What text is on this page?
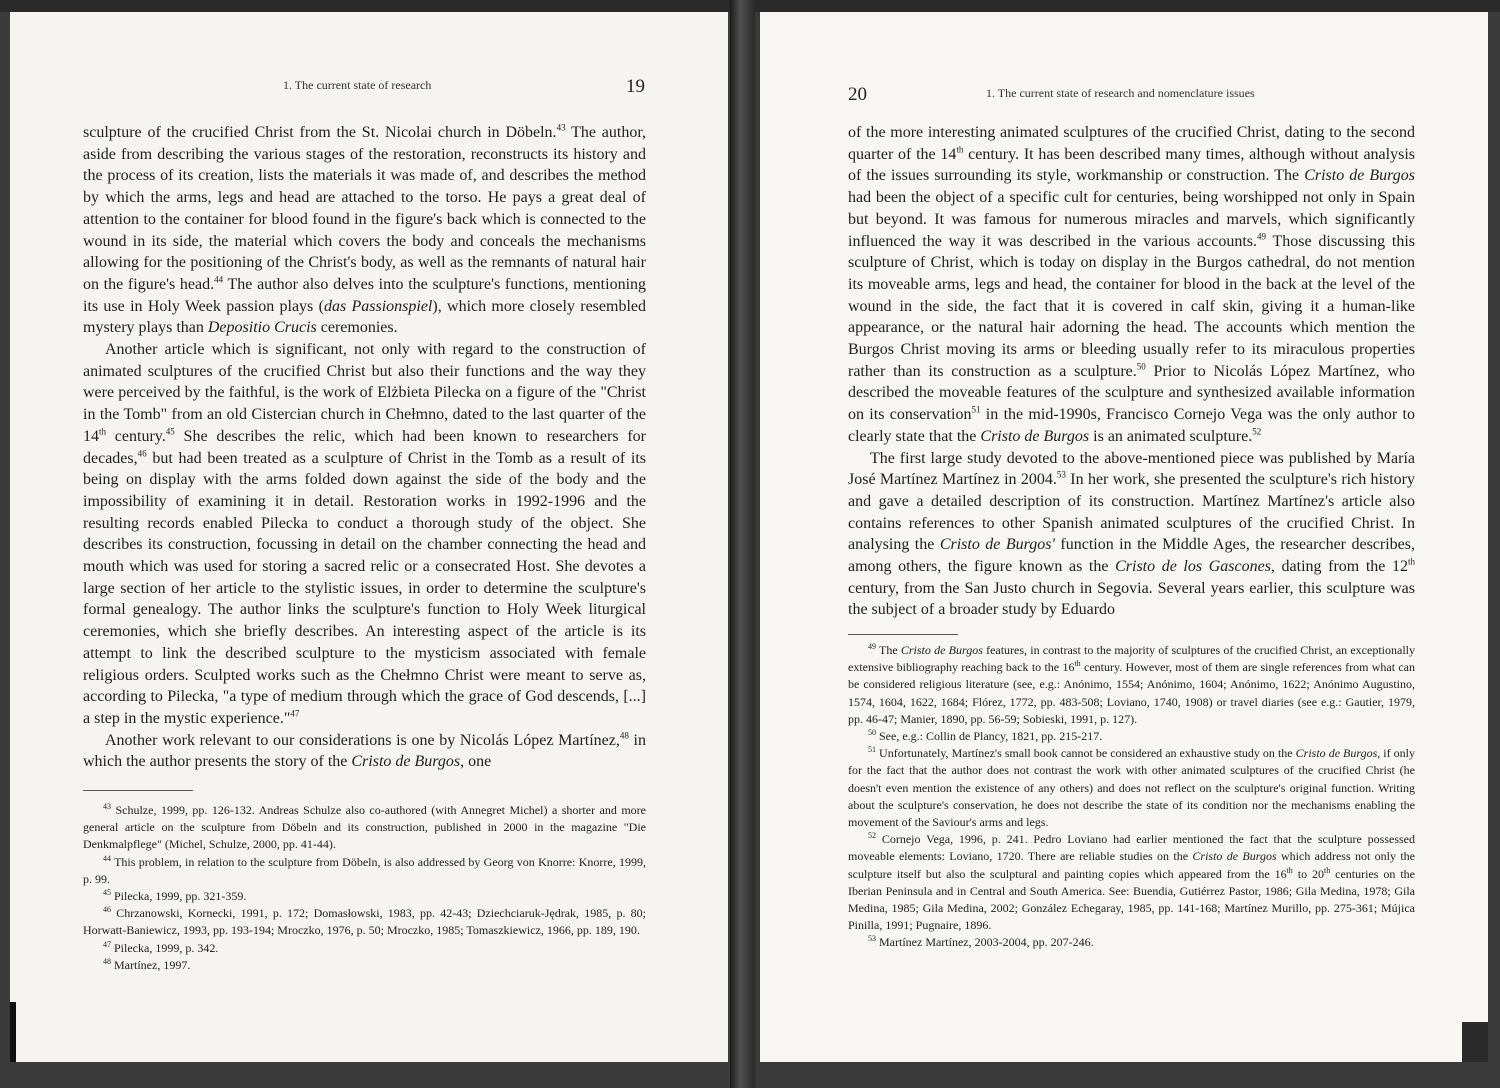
1. The current state of research	19

sculpture of the crucified Christ from the St. Nicolai church in Döbeln.$^{43}$ The author, aside from describing the various stages of the restoration, reconstructs its history and the process of its creation, lists the materials it was made of, and describes the method by which the arms, legs and head are attached to the torso. He pays a great deal of attention to the container for blood found in the figure's back which is connected to the wound in its side, the material which covers the body and conceals the mechanisms allowing for the positioning of the Christ's body, as well as the remnants of natural hair on the figure's head.$^{44}$ The author also delves into the sculpture's functions, mentioning its use in Holy Week passion plays (das Passionspiel), which more closely resembled mystery plays than Depositio Crucis ceremonies.

Another article which is significant, not only with regard to the construction of animated sculptures of the crucified Christ but also their functions and the way they were perceived by the faithful, is the work of Elżbieta Pilecka on a figure of the "Christ in the Tomb" from an old Cistercian church in Chełmno, dated to the last quarter of the 14th century.$^{45}$ She describes the relic, which had been known to researchers for decades,$^{46}$ but had been treated as a sculpture of Christ in the Tomb as a result of its being on display with the arms folded down against the side of the body and the impossibility of examining it in detail. Restoration works in 1992-1996 and the resulting records enabled Pilecka to conduct a thorough study of the object. She describes its construction, focussing in detail on the chamber connecting the head and mouth which was used for storing a sacred relic or a consecrated Host. She devotes a large section of her article to the stylistic issues, in order to determine the sculpture's formal genealogy. The author links the sculpture's function to Holy Week liturgical ceremonies, which she briefly describes. An interesting aspect of the article is its attempt to link the described sculpture to the mysticism associated with female religious orders. Sculpted works such as the Chełmno Christ were meant to serve as, according to Pilecka, "a type of medium through which the grace of God descends, [...] a step in the mystic experience."$^{47}$

Another work relevant to our considerations is one by Nicolás López Martínez,$^{48}$ in which the author presents the story of the Cristo de Burgos, one

$^{43}$ Schulze, 1999, pp. 126-132. Andreas Schulze also co-authored (with Annegret Michel) a shorter and more general article on the sculpture from Döbeln and its construction, published in 2000 in the magazine "Die Denkmalpflege" (Michel, Schulze, 2000, pp. 41-44).

$^{44}$ This problem, in relation to the sculpture from Döbeln, is also addressed by Georg von Knorre: Knorre, 1999, p. 99.

$^{45}$ Pilecka, 1999, pp. 321-359.

$^{46}$ Chrzanowski, Kornecki, 1991, p. 172; Domasłowski, 1983, pp. 42-43; Dziechciaruk-Jędrak, 1985, p. 80; Horwatt-Baniewicz, 1993, pp. 193-194; Mroczko, 1976, p. 50; Mroczko, 1985; Tomaszkiewicz, 1966, pp. 189, 190.

$^{47}$ Pilecka, 1999, p. 342.

$^{48}$ Martínez, 1997.

20	1. The current state of research and nomenclature issues

of the more interesting animated sculptures of the crucified Christ, dating to the second quarter of the 14th century. It has been described many times, although without analysis of the issues surrounding its style, workmanship or construction. The Cristo de Burgos had been the object of a specific cult for centuries, being worshipped not only in Spain but beyond. It was famous for numerous miracles and marvels, which significantly influenced the way it was described in the various accounts.$^{49}$ Those discussing this sculpture of Christ, which is today on display in the Burgos cathedral, do not mention its moveable arms, legs and head, the container for blood in the back at the level of the wound in the side, the fact that it is covered in calf skin, giving it a human-like appearance, or the natural hair adorning the head. The accounts which mention the Burgos Christ moving its arms or bleeding usually refer to its miraculous properties rather than its construction as a sculpture.$^{50}$ Prior to Nicolás López Martínez, who described the moveable features of the sculpture and synthesized available information on its conservation$^{51}$ in the mid-1990s, Francisco Cornejo Vega was the only author to clearly state that the Cristo de Burgos is an animated sculpture.$^{52}$

The first large study devoted to the above-mentioned piece was published by María José Martínez Martínez in 2004.53 In her work, she presented the sculpture's rich history and gave a detailed description of its construction. Martínez Martínez's article also contains references to other Spanish animated sculptures of the crucified Christ. In analysing the Cristo de Burgos' function in the Middle Ages, the researcher describes, among others, the figure known as the Cristo de los Gascones, dating from the 12th century, from the San Justo church in Segovia. Several years earlier, this sculpture was the subject of a broader study by Eduardo

$^{49}$ The Cristo de Burgos features, in contrast to the majority of sculptures of the crucified Christ, an exceptionally extensive bibliography reaching back to the 16th century. However, most of them are single references from what can be considered religious literature (see, e.g.: Anónimo, 1554; Anónimo, 1604; Anónimo, 1622; Anónimo Augustino, 1574, 1604, 1622, 1684; Flórez, 1772, pp. 483-508; Loviano, 1740, 1908) or travel diaries (see e.g.: Gautier, 1979, pp. 46-47; Manier, 1890, pp. 56-59; Sobieski, 1991, p. 127).

$^{50}$ See, e.g.: Collin de Plancy, 1821, pp. 215-217.

$^{51}$ Unfortunately, Martínez's small book cannot be considered an exhaustive study on the Cristo de Burgos, if only for the fact that the author does not contrast the work with other animated sculptures of the crucified Christ (he doesn't even mention the existence of any others) and does not reflect on the sculpture's original function. Writing about the sculpture's conservation, he does not describe the state of its condition nor the mechanisms enabling the movement of the Saviour's arms and legs.

$^{52}$ Cornejo Vega, 1996, p. 241. Pedro Loviano had earlier mentioned the fact that the sculpture possessed moveable elements: Loviano, 1720. There are reliable studies on the Cristo de Burgos which address not only the sculpture itself but also the sculptural and painting copies which appeared from the 16th to 20th centuries on the Iberian Peninsula and in Central and South America. See: Buendia, Gutiérrez Pastor, 1986; Gila Medina, 1978; Gila Medina, 1985; Gila Medina, 2002; González Echegaray, 1985, pp. 141-168; Martínez Murillo, pp. 275-361; Mújica Pinilla, 1991; Pugnaire, 1896.

$^{53}$ Martínez Martínez, 2003-2004, pp. 207-246.
